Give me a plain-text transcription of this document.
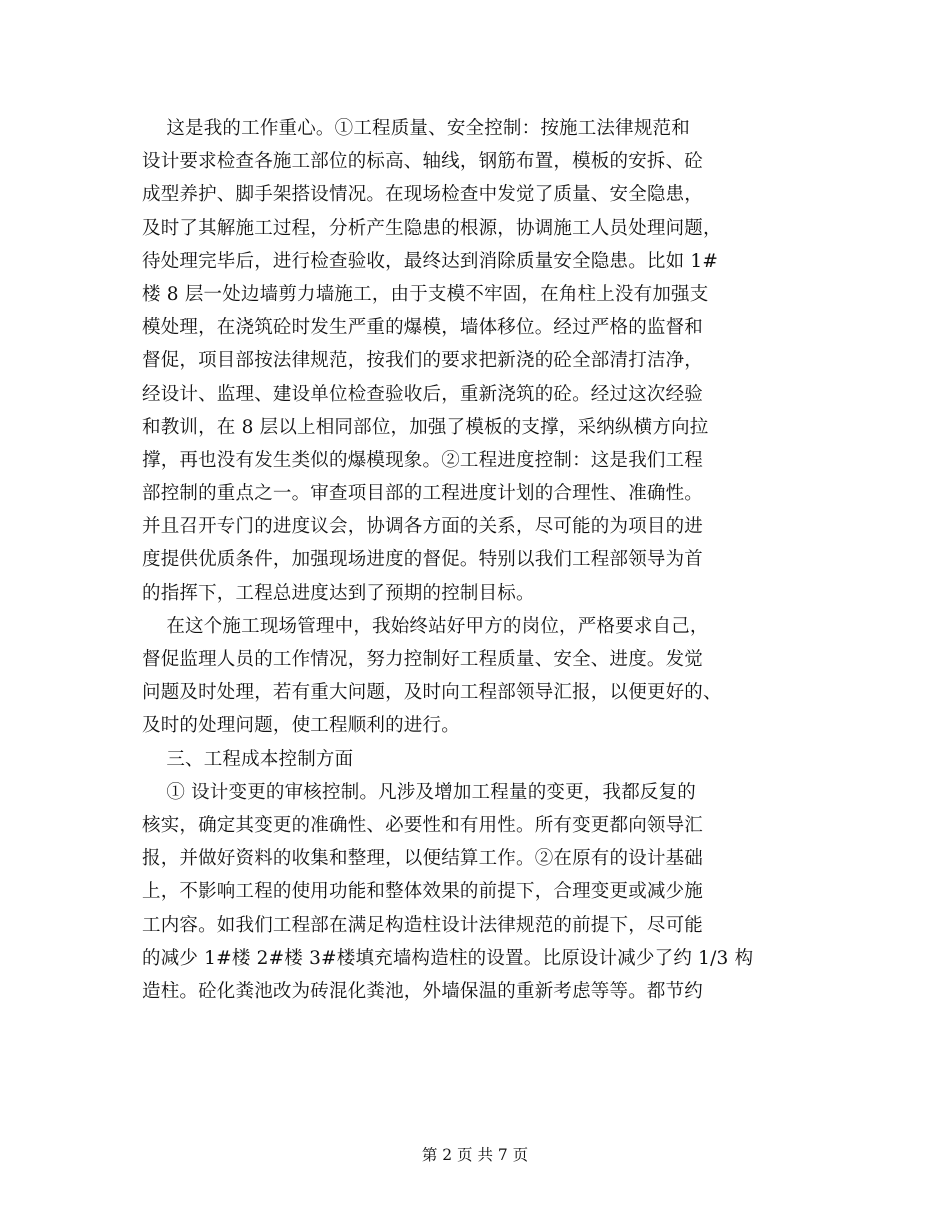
这是我的工作重心。①工程质量、安全控制：按施工法律规范和
设计要求检查各施工部位的标高、轴线，钢筋布置，模板的安拆、砼
成型养护、脚手架搭设情况。在现场检查中发觉了质量、安全隐患，
及时了其解施工过程，分析产生隐患的根源，协调施工人员处理问题，
待处理完毕后，进行检查验收，最终达到消除质量安全隐患。比如 1#
楼 8 层一处边墙剪力墙施工，由于支模不牢固，在角柱上没有加强支
模处理，在浇筑砼时发生严重的爆模，墙体移位。经过严格的监督和
督促，项目部按法律规范，按我们的要求把新浇的砼全部清打洁净，
经设计、监理、建设单位检查验收后，重新浇筑的砼。经过这次经验
和教训，在 8 层以上相同部位，加强了模板的支撑，采纳纵横方向拉
撑，再也没有发生类似的爆模现象。②工程进度控制：这是我们工程
部控制的重点之一。审查项目部的工程进度计划的合理性、准确性。
并且召开专门的进度议会，协调各方面的关系，尽可能的为项目的进
度提供优质条件，加强现场进度的督促。特别以我们工程部领导为首
的指挥下，工程总进度达到了预期的控制目标。
在这个施工现场管理中，我始终站好甲方的岗位，严格要求自己，
督促监理人员的工作情况，努力控制好工程质量、安全、进度。发觉
问题及时处理，若有重大问题，及时向工程部领导汇报，以便更好的、
及时的处理问题，使工程顺利的进行。
三、工程成本控制方面
① 设计变更的审核控制。凡涉及增加工程量的变更，我都反复的
核实，确定其变更的准确性、必要性和有用性。所有变更都向领导汇
报，并做好资料的收集和整理，以便结算工作。②在原有的设计基础
上，不影响工程的使用功能和整体效果的前提下，合理变更或减少施
工内容。如我们工程部在满足构造柱设计法律规范的前提下，尽可能
的减少 1#楼 2#楼 3#楼填充墙构造柱的设置。比原设计减少了约 1/3 构
造柱。砼化粪池改为砖混化粪池，外墙保温的重新考虑等等。都节约
第 2 页 共 7 页
